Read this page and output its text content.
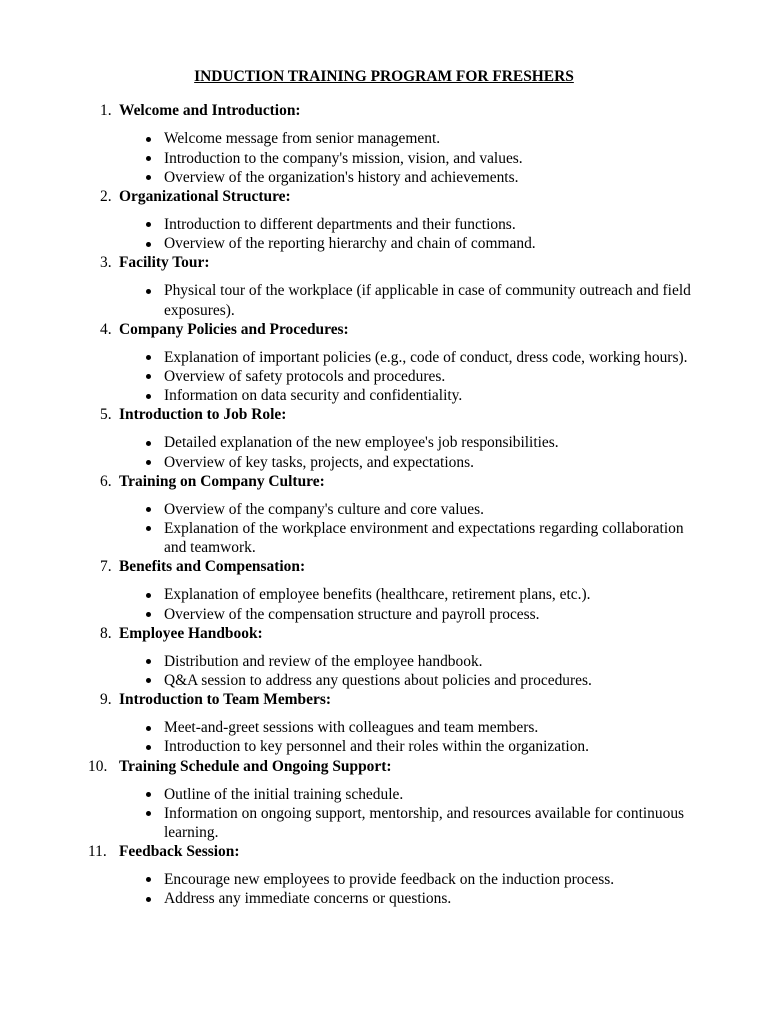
INDUCTION TRAINING PROGRAM FOR FRESHERS
1. Welcome and Introduction:
Welcome message from senior management.
Introduction to the company's mission, vision, and values.
Overview of the organization's history and achievements.
2. Organizational Structure:
Introduction to different departments and their functions.
Overview of the reporting hierarchy and chain of command.
3. Facility Tour:
Physical tour of the workplace (if applicable in case of community outreach and field exposures).
4. Company Policies and Procedures:
Explanation of important policies (e.g., code of conduct, dress code, working hours).
Overview of safety protocols and procedures.
Information on data security and confidentiality.
5. Introduction to Job Role:
Detailed explanation of the new employee's job responsibilities.
Overview of key tasks, projects, and expectations.
6. Training on Company Culture:
Overview of the company's culture and core values.
Explanation of the workplace environment and expectations regarding collaboration and teamwork.
7. Benefits and Compensation:
Explanation of employee benefits (healthcare, retirement plans, etc.).
Overview of the compensation structure and payroll process.
8. Employee Handbook:
Distribution and review of the employee handbook.
Q&A session to address any questions about policies and procedures.
9. Introduction to Team Members:
Meet-and-greet sessions with colleagues and team members.
Introduction to key personnel and their roles within the organization.
10. Training Schedule and Ongoing Support:
Outline of the initial training schedule.
Information on ongoing support, mentorship, and resources available for continuous learning.
11. Feedback Session:
Encourage new employees to provide feedback on the induction process.
Address any immediate concerns or questions.
